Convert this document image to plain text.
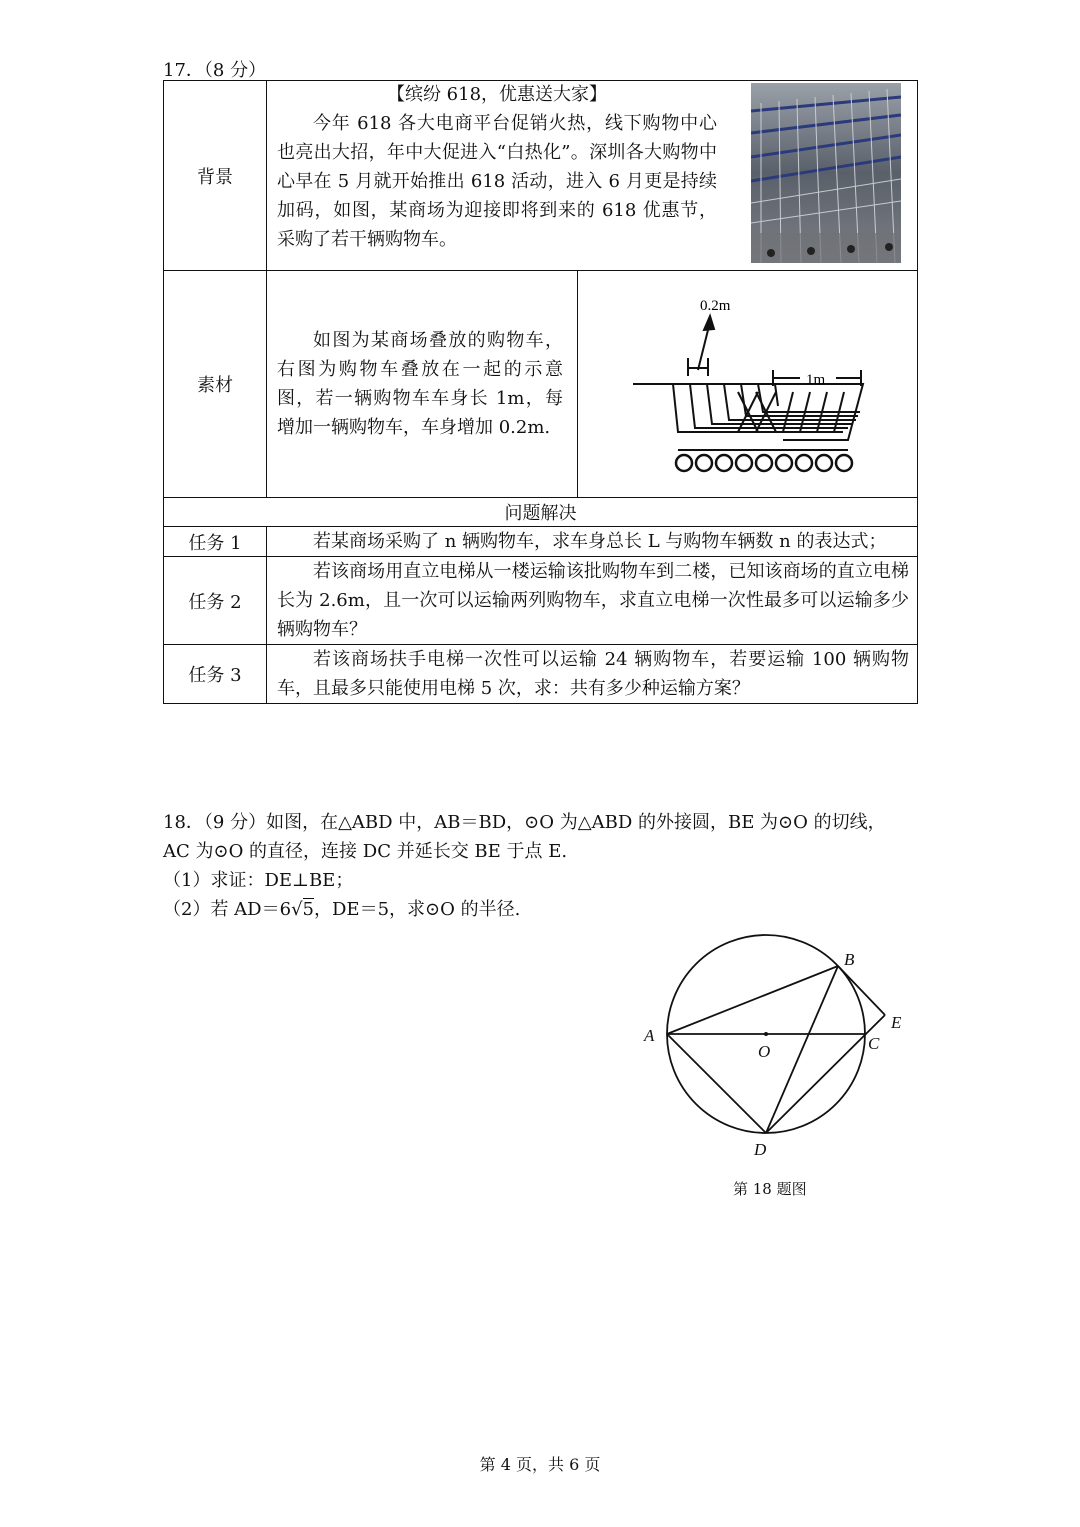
17．（8 分）
背景	【缤纷 618，优惠送大家】
今年 618 各大电商平台促销火热，线下购物中心也亮出大招，年中大促进入“白热化”。深圳各大购物中心早在 5 月就开始推出 618 活动，进入 6 月更是持续加码，如图，某商场为迎接即将到来的 618 优惠节，采购了若干辆购物车。	

素材	如图为某商场叠放的购物车，右图为购物车叠放在一起的示意图，若一辆购物车车身长 1m，每增加一辆购物车，车身增加 0.2m.	0.2m
1m

问题解决		
任务 1	若某商场采购了 n 辆购物车，求车身总长 L 与购物车辆数 n 的表达式；	

任务 2	若该商场用直立电梯从一楼运输该批购物车到二楼，已知该商场的直立电梯长为 2.6m，且一次可以运输两列购物车，求直立电梯一次性最多可以运输多少辆购物车？	

任务 3	若该商场扶手电梯一次性可以运输 24 辆购物车，若要运输 100 辆购物车，且最多只能使用电梯 5 次，求：共有多少种运输方案？	

18．（9 分）如图，在△ABD 中，AB＝BD，⊙O 为△ABD 的外接圆，BE 为⊙O 的切线，

AC 为⊙O 的直径，连接 DC 并延长交 BE 于点 E.

（1）求证：DE⊥BE；

（2）若 AD＝6√5，DE＝5，求⊙O 的半径.

A
B
C
D
E
O
第 18 题图
第 4 页，共 6 页
